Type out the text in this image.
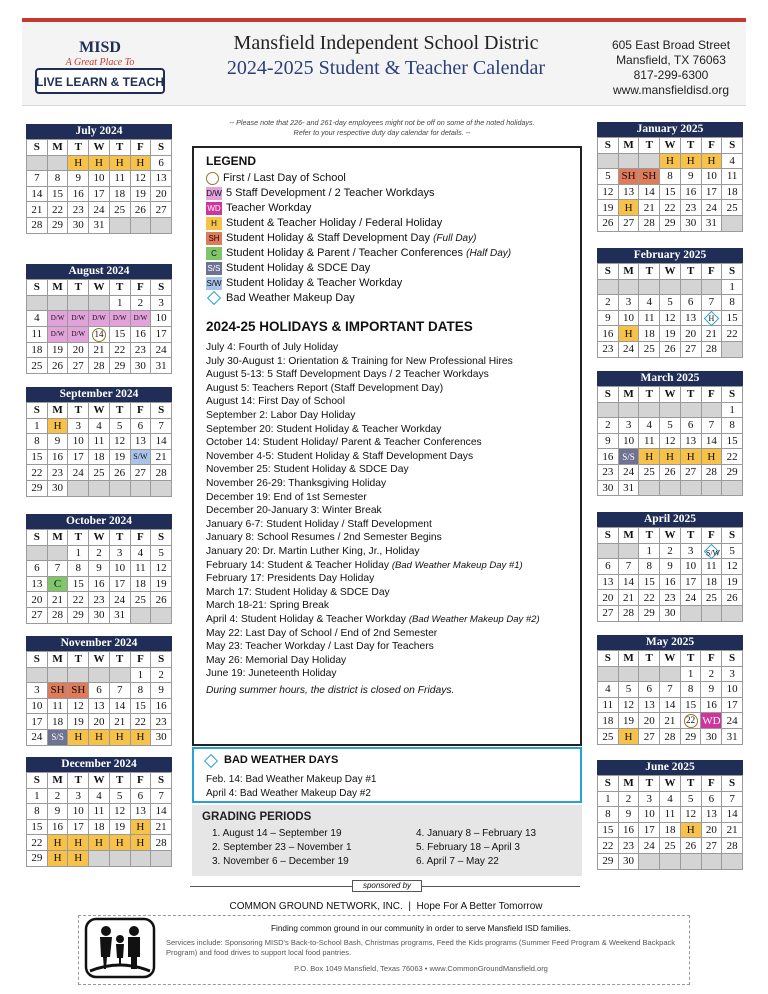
MISD
A Great Place To
LIVE LEARN & TEACH
Mansfield Independent School Distric
2024-2025 Student & Teacher Calendar
605 East Broad Street
Mansfield, TX 76063
817-299-6300
www.mansfieldisd.org
July 2024
S	M	T	W	T	F	S
		H	H	H	H	6
7	8	9	10	11	12	13
14	15	16	17	18	19	20
21	22	23	24	25	26	27
28	29	30	31			
August 2024
S	M	T	W	T	F	S
				1	2	3
4	D/W	D/W	D/W	D/W	D/W	10
11	D/W	D/W	14	15	16	17
18	19	20	21	22	23	24
25	26	27	28	29	30	31
September 2024
S	M	T	W	T	F	S
1	H	3	4	5	6	7
8	9	10	11	12	13	14
15	16	17	18	19	S/W	21
22	23	24	25	26	27	28
29	30					
October 2024
S	M	T	W	T	F	S
		1	2	3	4	5
6	7	8	9	10	11	12
13	C	15	16	17	18	19
20	21	22	23	24	25	26
27	28	29	30	31		
November 2024
S	M	T	W	T	F	S
					1	2
3	SH	SH	6	7	8	9
10	11	12	13	14	15	16
17	18	19	20	21	22	23
24	S/S	H	H	H	H	30
December 2024
S	M	T	W	T	F	S
1	2	3	4	5	6	7
8	9	10	11	12	13	14
15	16	17	18	19	H	21
22	H	H	H	H	H	28
29	H	H				
January 2025
S	M	T	W	T	F	S
			H	H	H	4
5	SH	SH	8	9	10	11
12	13	14	15	16	17	18
19	H	21	22	23	24	25
26	27	28	29	30	31	
February 2025
S	M	T	W	T	F	S
						1
2	3	4	5	6	7	8
9	10	11	12	13	H	15
16	H	18	19	20	21	22
23	24	25	26	27	28	
March 2025
S	M	T	W	T	F	S
						1
2	3	4	5	6	7	8
9	10	11	12	13	14	15
16	S/S	H	H	H	H	22
23	24	25	26	27	28	29
30	31					
April 2025
S	M	T	W	T	F	S
		1	2	3	S/W	5
6	7	8	9	10	11	12
13	14	15	16	17	18	19
20	21	22	23	24	25	26
27	28	29	30			
May 2025
S	M	T	W	T	F	S
				1	2	3
4	5	6	7	8	9	10
11	12	13	14	15	16	17
18	19	20	21	22	WD	24
25	H	27	28	29	30	31
June 2025
S	M	T	W	T	F	S
1	2	3	4	5	6	7
8	9	10	11	12	13	14
15	16	17	18	H	20	21
22	23	24	25	26	27	28
29	30					
-- Please note that 226- and 261-day employees might not be off on some of the noted holidays.
Refer to your respective duty day calendar for details. --
LEGEND
First / Last Day of School
D/W 5 Staff Development / 2 Teacher Workdays
WD Teacher Workday
H Student & Teacher Holiday / Federal Holiday
SH Student Holiday & Staff Development Day (Full Day)
C Student Holiday & Parent / Teacher Conferences (Half Day)
S/S Student Holiday & SDCE Day
S/W Student Holiday & Teacher Workday
Bad Weather Makeup Day
2024-25 HOLIDAYS & IMPORTANT DATES
July 4: Fourth of July Holiday
July 30-August 1: Orientation & Training for New Professional Hires
August 5-13: 5 Staff Development Days / 2 Teacher Workdays
August 5: Teachers Report (Staff Development Day)
August 14: First Day of School
September 2: Labor Day Holiday
September 20: Student Holiday & Teacher Workday
October 14: Student Holiday/ Parent & Teacher Conferences
November 4-5: Student Holiday & Staff Development Days
November 25: Student Holiday & SDCE Day
November 26-29: Thanksgiving Holiday
December 19: End of 1st Semester
December 20-January 3: Winter Break
January 6-7: Student Holiday / Staff Development
January 8: School Resumes / 2nd Semester Begins
January 20: Dr. Martin Luther King, Jr., Holiday
February 14: Student & Teacher Holiday (Bad Weather Makeup Day #1)
February 17: Presidents Day Holiday
March 17: Student Holiday & SDCE Day
March 18-21: Spring Break
April 4: Student Holiday & Teacher Workday (Bad Weather Makeup Day #2)
May 22: Last Day of School / End of 2nd Semester
May 23: Teacher Workday / Last Day for Teachers
May 26: Memorial Day Holiday
June 19: Juneteenth Holiday
During summer hours, the district is closed on Fridays.
BAD WEATHER DAYS
Feb. 14: Bad Weather Makeup Day #1
April 4: Bad Weather Makeup Day #2
GRADING PERIODS
1. August 14 – September 19
2. September 23 – November 1
3. November 6 – December 19
4. January 8 – February 13
5. February 18 – April 3
6. April 7 – May 22
sponsored by
COMMON GROUND NETWORK, INC.  |  Hope For A Better Tomorrow
Finding common ground in our community in order to serve Mansfield ISD families.
Services include: Sponsoring MISD's Back-to-School Bash, Christmas programs, Feed the Kids programs (Summer Feed Program & Weekend Backpack Program) and food drives to support local food pantries.
P.O. Box 1049 Mansfield, Texas 76063 • www.CommonGroundMansfield.org
